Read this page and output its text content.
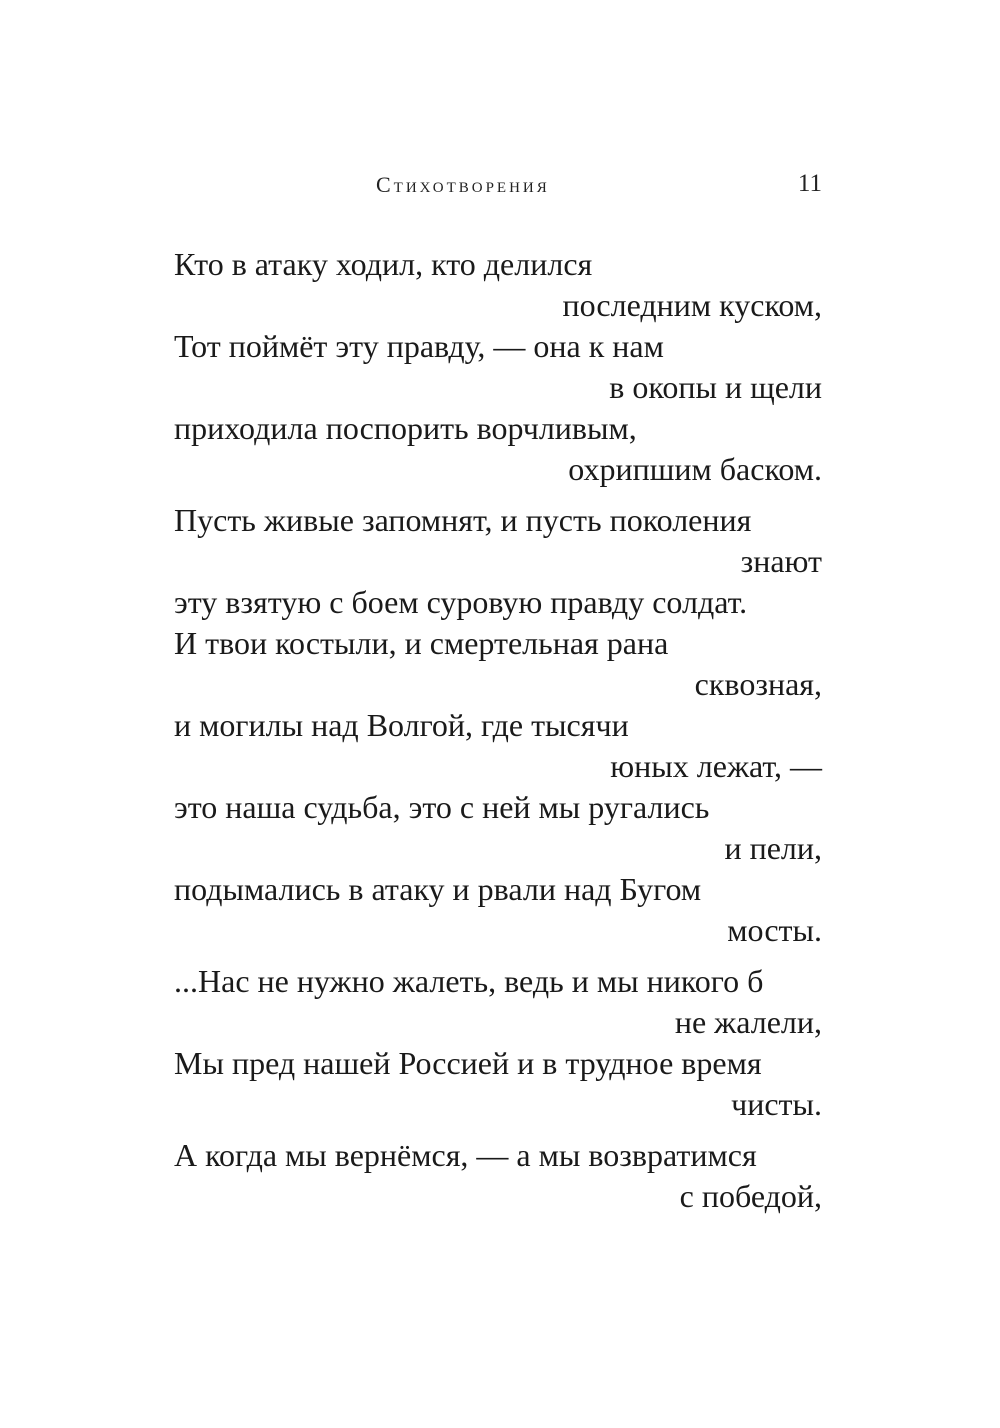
Стихотворения	11
Кто в атаку ходил, кто делился
последним куском,
Тот поймёт эту правду, — она к нам
в окопы и щели
приходила поспорить ворчливым,
охрипшим баском.
Пусть живые запомнят, и пусть поколения
знают
эту взятую с боем суровую правду солдат.
И твои костыли, и смертельная рана
сквозная,
и могилы над Волгой, где тысячи
юных лежат, —
это наша судьба, это с ней мы ругались
и пели,
подымались в атаку и рвали над Бугом
мосты.
...Нас не нужно жалеть, ведь и мы никого б
не жалели,
Мы пред нашей Россией и в трудное время
чисты.
А когда мы вернёмся, — а мы возвратимся
с победой,
